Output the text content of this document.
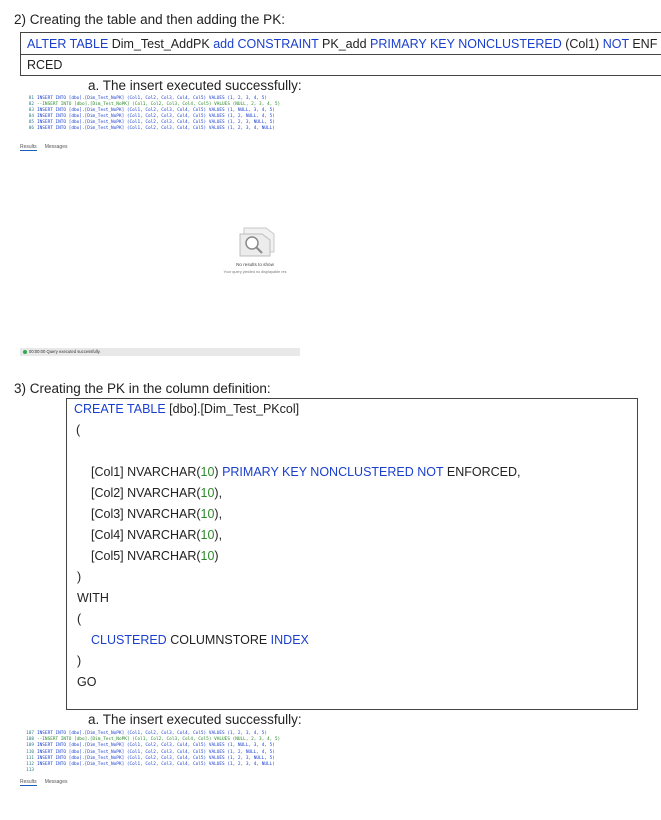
2) Creating the table and then adding the PK:
ALTER TABLE Dim_Test_AddPK add CONSTRAINT PK_add PRIMARY KEY NONCLUSTERED (Col1) NOT ENF
RCED
a. The insert executed successfully:
81 INSERT INTO [dbo].[Dim_Test_NoPK] (Col1, Col2, Col3, Col4, Col5) VALUES (1, 2, 3, 4, 5)
82 --INSERT INTO [dbo].[Dim_Test_NoPK] (Col1, Col2, Col3, Col4, Col5) VALUES (NULL, 2, 3, 4, 5)
83 INSERT INTO [dbo].[Dim_Test_NoPK] (Col1, Col2, Col3, Col4, Col5) VALUES (1, NULL, 3, 4, 5)
84 INSERT INTO [dbo].[Dim_Test_NoPK] (Col1, Col2, Col3, Col4, Col5) VALUES (1, 2, NULL, 4, 5)
85 INSERT INTO [dbo].[Dim_Test_NoPK] (Col1, Col2, Col3, Col4, Col5) VALUES (1, 2, 3, NULL, 5)
86 INSERT INTO [dbo].[Dim_Test_NoPK] (Col1, Col2, Col3, Col4, Col5) VALUES (1, 2, 3, 4, NULL)
Results Messages
No results to show
Your query yielded no displayable res
00:00:00 Query executed successfully.
3) Creating the PK in the column definition:
CREATE TABLE [dbo].[Dim_Test_PKcol]
(
[Col1] NVARCHAR(10) PRIMARY KEY NONCLUSTERED NOT ENFORCED,
[Col2] NVARCHAR(10),
[Col3] NVARCHAR(10),
[Col4] NVARCHAR(10),
[Col5] NVARCHAR(10)
)
WITH
(
CLUSTERED COLUMNSTORE INDEX
)
GO
a. The insert executed successfully:
107 INSERT INTO [dbo].[Dim_Test_NoPK] (Col1, Col2, Col3, Col4, Col5) VALUES (1, 2, 3, 4, 5)
108 --INSERT INTO [dbo].[Dim_Test_NoPK] (Col1, Col2, Col3, Col4, Col5) VALUES (NULL, 2, 3, 4, 5)
109 INSERT INTO [dbo].[Dim_Test_NoPK] (Col1, Col2, Col3, Col4, Col5) VALUES (1, NULL, 3, 4, 5)
110 INSERT INTO [dbo].[Dim_Test_NoPK] (Col1, Col2, Col3, Col4, Col5) VALUES (1, 2, NULL, 4, 5)
111 INSERT INTO [dbo].[Dim_Test_NoPK] (Col1, Col2, Col3, Col4, Col5) VALUES (1, 2, 3, NULL, 5)
112 INSERT INTO [dbo].[Dim_Test_NoPK] (Col1, Col2, Col3, Col4, Col5) VALUES (1, 2, 3, 4, NULL)
113
Results Messages
